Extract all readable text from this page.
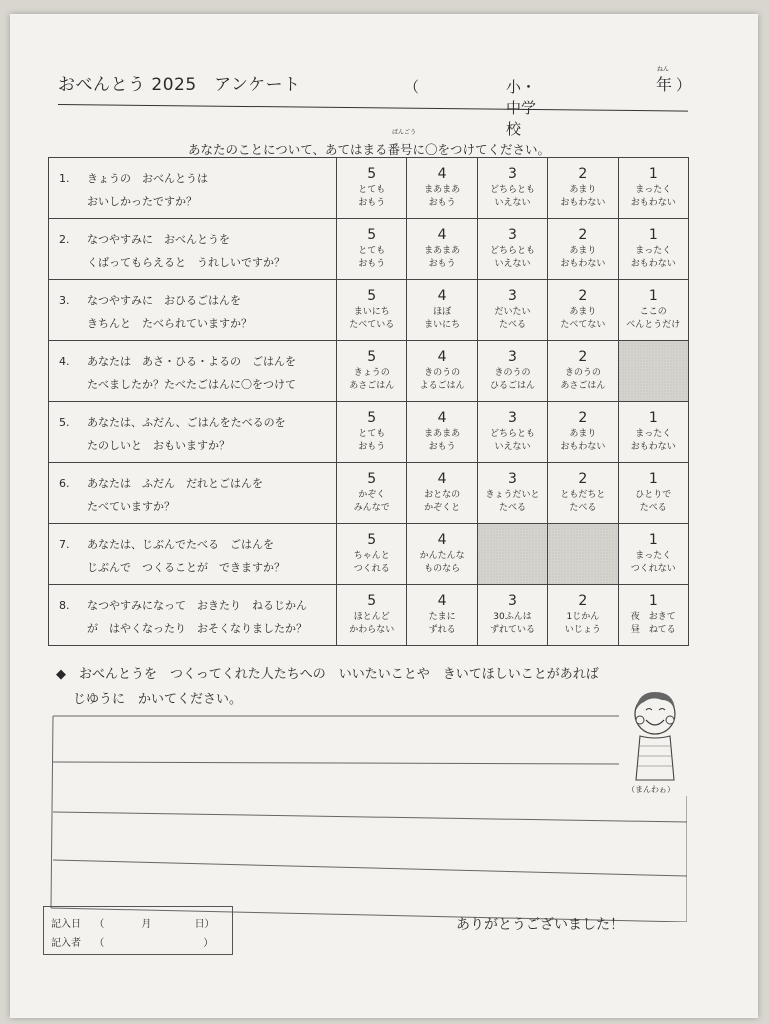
おべんとう 2025　アンケート
ねん
（	小・中学校
年 ）
ばんごう
あなたのことについて、あてはまる番号に〇をつけてください。
1. きょうの　おべんとうは
おいしかったですか？	5
とても
おもう	4
まあまあ
おもう	3
どちらとも
いえない	2
あまり
おもわない	1
まったく
おもわない

2. なつやすみに　おべんとうを
くばってもらえると　うれしいですか？	5
とても
おもう	4
まあまあ
おもう	3
どちらとも
いえない	2
あまり
おもわない	1
まったく
おもわない

3. なつやすみに　おひるごはんを
きちんと　たべられていますか？	5
まいにち
たべている	4
ほぼ
まいにち	3
だいたい
たべる	2
あまり
たべてない	1
ここの
べんとうだけ

4. あなたは　あさ・ひる・よるの　ごはんを
たべましたか？たべたごはんに〇をつけて	5
きょうの
あさごはん	4
きのうの
よるごはん	3
きのうの
ひるごはん	2
きのうの
あさごはん	

5. あなたは、ふだん、ごはんをたべるのを
たのしいと　おもいますか？	5
とても
おもう	4
まあまあ
おもう	3
どちらとも
いえない	2
あまり
おもわない	1
まったく
おもわない

6. あなたは　ふだん　だれとごはんを
たべていますか？	5
かぞく
みんなで	4
おとなの
かぞくと	3
きょうだいと
たべる	2
ともだちと
たべる	1
ひとりで
たべる

7. あなたは、じぶんでたべる　ごはんを
じぶんで　つくることが　できますか？	5
ちゃんと
つくれる	4
かんたんな
ものなら			1
まったく
つくれない

8. なつやすみになって　おきたり　ねるじかん
が　はやくなったり　おそくなりましたか？	5
ほとんど
かわらない	4
たまに
ずれる	3
30ふんは
ずれている	2
1じかん
いじょう	1
夜　おきて
昼　ねてる
◆　おべんとうを　つくってくれた人たちへの　いいたいことや　きいてほしいことがあれば
じゆうに　かいてください。
（まんわゎ）
記入日 （	月	日）
記入者 （	）
ありがとうございました！
